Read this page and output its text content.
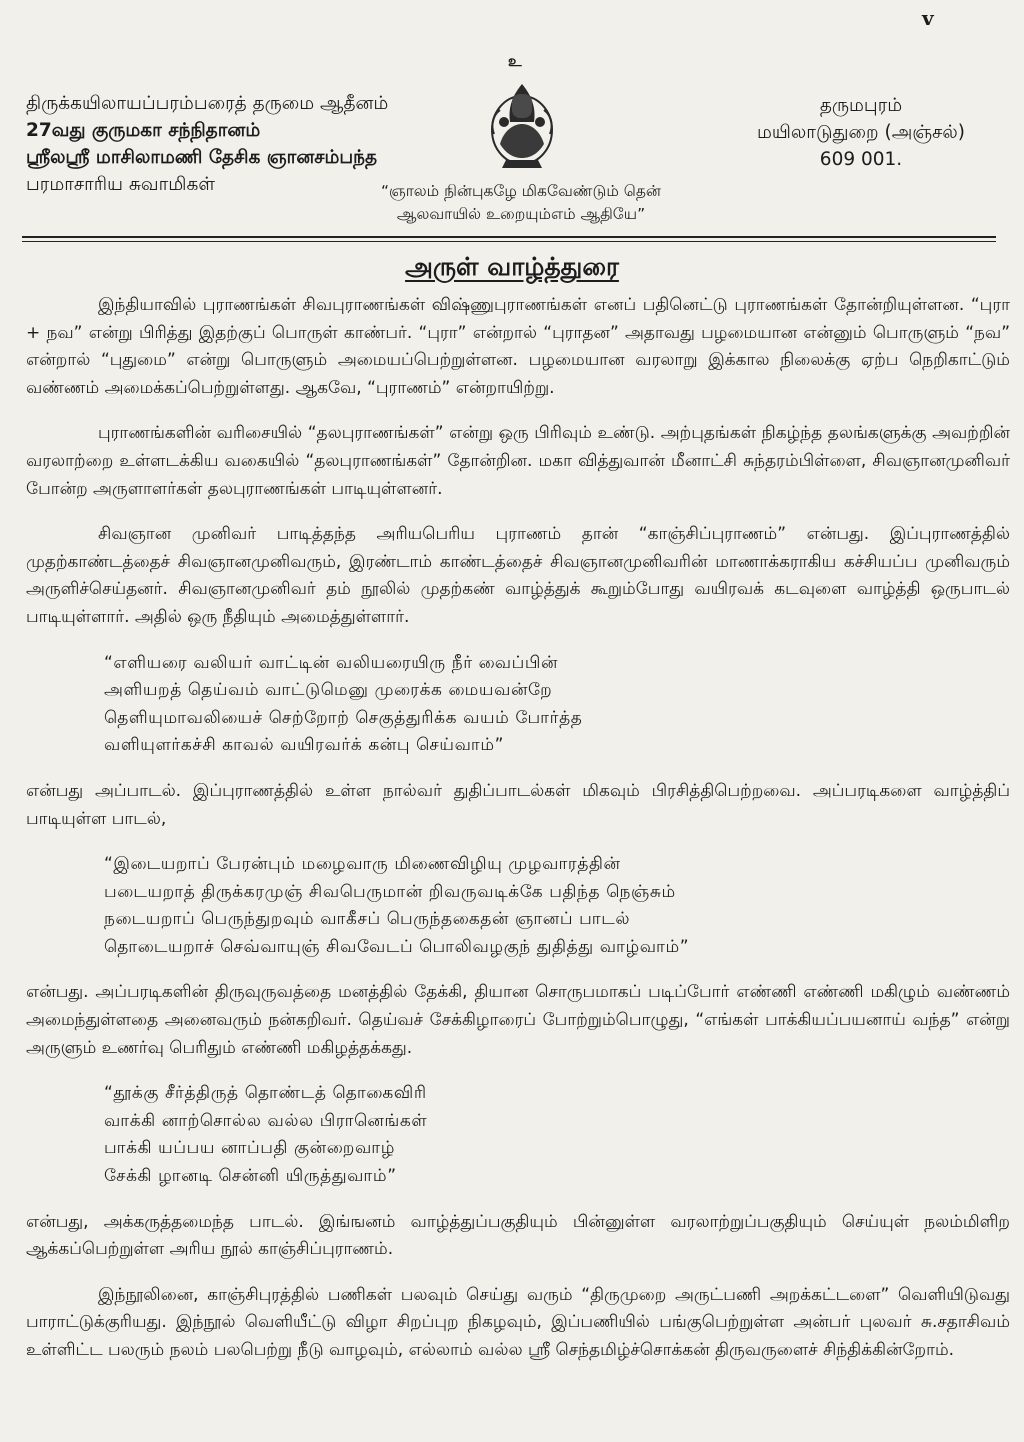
v
உ
திருக்கயிலாயப்பரம்பரைத் தருமை ஆதீனம்
27வது குருமகா சந்நிதானம்
ஸ்ரீலஸ்ரீ மாசிலாமணி தேசிக ஞானசம்பந்த
பரமாசாரிய சுவாமிகள்
தருமபுரம்
மயிலாடுதுறை (அஞ்சல்)
609 001.
“ஞாலம் நின்புகழே மிகவேண்டும் தென்
ஆலவாயில் உறையும்எம் ஆதியே”
அருள் வாழ்த்துரை

இந்தியாவில் புராணங்கள் சிவபுராணங்கள் விஷ்ணுபுராணங்கள் எனப் பதினெட்டு புராணங்கள் தோன்றியுள்ளன. “புரா + நவ” என்று பிரித்து இதற்குப் பொருள் காண்பர். “புரா” என்றால் “புராதன” அதாவது பழமையான என்னும் பொருளும் “நவ” என்றால் “புதுமை” என்று பொருளும் அமையப்பெற்றுள்ளன. பழமையான வரலாறு இக்கால நிலைக்கு ஏற்ப நெறிகாட்டும் வண்ணம் அமைக்கப்பெற்றுள்ளது. ஆகவே, “புராணம்” என்றாயிற்று.

புராணங்களின் வரிசையில் “தலபுராணங்கள்” என்று ஒரு பிரிவும் உண்டு. அற்புதங்கள் நிகழ்ந்த தலங்களுக்கு அவற்றின் வரலாற்றை உள்ளடக்கிய வகையில் “தலபுராணங்கள்” தோன்றின. மகா வித்துவான் மீனாட்சி சுந்தரம்பிள்ளை, சிவஞானமுனிவர் போன்ற அருளாளர்கள் தலபுராணங்கள் பாடியுள்ளனர்.

சிவஞான முனிவர் பாடித்தந்த அரியபெரிய புராணம் தான் “காஞ்சிப்புராணம்” என்பது. இப்புராணத்தில் முதற்காண்டத்தைச் சிவஞானமுனிவரும், இரண்டாம் காண்டத்தைச் சிவஞானமுனிவரின் மாணாக்கராகிய கச்சியப்ப முனிவரும் அருளிச்செய்தனர். சிவஞானமுனிவர் தம் நூலில் முதற்கண் வாழ்த்துக் கூறும்போது வயிரவக் கடவுளை வாழ்த்தி ஒருபாடல் பாடியுள்ளார். அதில் ஒரு நீதியும் அமைத்துள்ளார்.

“எளியரை வலியர் வாட்டின் வலியரையிரு நீர் வைப்பின்
அளியறத் தெய்வம் வாட்டுமெனு முரைக்க மையவன்றே
தெளியுமாவலியைச் செற்றோற் செகுத்துரிக்க வயம் போர்த்த
வளியுளர்கச்சி காவல் வயிரவர்க் கன்பு செய்வாம்”

என்பது அப்பாடல். இப்புராணத்தில் உள்ள நால்வர் துதிப்பாடல்கள் மிகவும் பிரசித்திபெற்றவை. அப்பரடிகளை வாழ்த்திப் பாடியுள்ள பாடல்,

“இடையறாப் பேரன்பும் மழைவாரு மிணைவிழியு முழவாரத்தின்
படையறாத் திருக்கரமுஞ் சிவபெருமான் றிவருவடிக்கே பதிந்த நெஞ்சும்
நடையறாப் பெருந்துறவும் வாகீசப் பெருந்தகைதன் ஞானப் பாடல்
தொடையறாச் செவ்வாயுஞ் சிவவேடப் பொலிவழகுந் துதித்து வாழ்வாம்”

என்பது. அப்பரடிகளின் திருவுருவத்தை மனத்தில் தேக்கி, தியான சொருபமாகப் படிப்போர் எண்ணி எண்ணி மகிழும் வண்ணம் அமைந்துள்ளதை அனைவரும் நன்கறிவர். தெய்வச் சேக்கிழாரைப் போற்றும்பொழுது, “எங்கள் பாக்கியப்பயனாய் வந்த” என்று அருளும் உணர்வு பெரிதும் எண்ணி மகிழத்தக்கது.

“தூக்கு சீர்த்திருத் தொண்டத் தொகைவிரி
வாக்கி னாற்சொல்ல வல்ல பிரானெங்கள்
பாக்கி யப்பய னாப்பதி குன்றைவாழ்
சேக்கி ழானடி சென்னி யிருத்துவாம்”

என்பது, அக்கருத்தமைந்த பாடல். இங்ஙனம் வாழ்த்துப்பகுதியும் பின்னுள்ள வரலாற்றுப்பகுதியும் செய்யுள் நலம்மிளிற ஆக்கப்பெற்றுள்ள அரிய நூல் காஞ்சிப்புராணம்.

இந்நூலினை, காஞ்சிபுரத்தில் பணிகள் பலவும் செய்து வரும் “திருமுறை அருட்பணி அறக்கட்டளை” வெளியிடுவது பாராட்டுக்குரியது. இந்நூல் வெளியீட்டு விழா சிறப்புற நிகழவும், இப்பணியில் பங்குபெற்றுள்ள அன்பர் புலவர் சு.சதாசிவம் உள்ளிட்ட பலரும் நலம் பலபெற்று நீடு வாழவும், எல்லாம் வல்ல ஸ்ரீ செந்தமிழ்ச்சொக்கன் திருவருளைச் சிந்திக்கின்றோம்.
